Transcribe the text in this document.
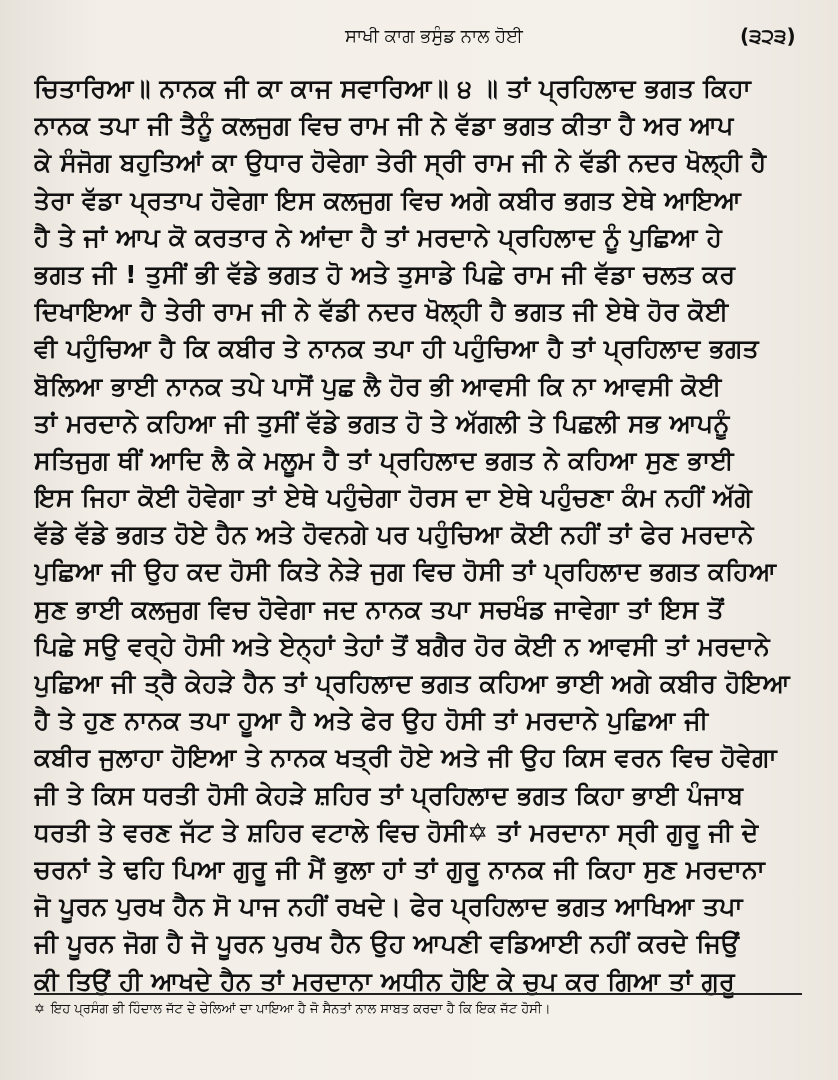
ਸਾਖੀ ਕਾਗ ਭਸੁੰਡ ਨਾਲ ਹੋਈ	(੩੨੩)
ਚਿਤਾਰਿਆ॥ ਨਾਨਕ ਜੀ ਕਾ ਕਾਜ ਸਵਾਰਿਆ॥ ੪ ॥ ਤਾਂ ਪ੍ਰਹਿਲਾਦ ਭਗਤ ਕਿਹਾ
ਨਾਨਕ ਤਪਾ ਜੀ ਤੈਨੂੰ ਕਲਜੁਗ ਵਿਚ ਰਾਮ ਜੀ ਨੇ ਵੱਡਾ ਭਗਤ ਕੀਤਾ ਹੈ ਅਰ ਆਪ
ਕੇ ਸੰਜੋਗ ਬਹੁਤਿਆਂ ਕਾ ਉਧਾਰ ਹੋਵੇਗਾ ਤੇਰੀ ਸ੍ਰੀ ਰਾਮ ਜੀ ਨੇ ਵੱਡੀ ਨਦਰ ਖੋਲ੍ਹੀ ਹੈ
ਤੇਰਾ ਵੱਡਾ ਪ੍ਰਤਾਪ ਹੋਵੇਗਾ ਇਸ ਕਲਜੁਗ ਵਿਚ ਅਗੇ ਕਬੀਰ ਭਗਤ ਏਥੇ ਆਇਆ
ਹੈ ਤੇ ਜਾਂ ਆਪ ਕੋ ਕਰਤਾਰ ਨੇ ਆਂਦਾ ਹੈ ਤਾਂ ਮਰਦਾਨੇ ਪ੍ਰਹਿਲਾਦ ਨੂੰ ਪੁਛਿਆ ਹੇ
ਭਗਤ ਜੀ ! ਤੁਸੀਂ ਭੀ ਵੱਡੇ ਭਗਤ ਹੋ ਅਤੇ ਤੁਸਾਡੇ ਪਿਛੇ ਰਾਮ ਜੀ ਵੱਡਾ ਚਲਤ ਕਰ
ਦਿਖਾਇਆ ਹੈ ਤੇਰੀ ਰਾਮ ਜੀ ਨੇ ਵੱਡੀ ਨਦਰ ਖੋਲ੍ਹੀ ਹੈ ਭਗਤ ਜੀ ਏਥੇ ਹੋਰ ਕੋਈ
ਵੀ ਪਹੁੰਚਿਆ ਹੈ ਕਿ ਕਬੀਰ ਤੇ ਨਾਨਕ ਤਪਾ ਹੀ ਪਹੁੰਚਿਆ ਹੈ ਤਾਂ ਪ੍ਰਹਿਲਾਦ ਭਗਤ
ਬੋਲਿਆ ਭਾਈ ਨਾਨਕ ਤਪੇ ਪਾਸੋਂ ਪੁਛ ਲੈ ਹੋਰ ਭੀ ਆਵਸੀ ਕਿ ਨਾ ਆਵਸੀ ਕੋਈ
ਤਾਂ ਮਰਦਾਨੇ ਕਹਿਆ ਜੀ ਤੁਸੀਂ ਵੱਡੇ ਭਗਤ ਹੋ ਤੇ ਅੱਗਲੀ ਤੇ ਪਿਛਲੀ ਸਭ ਆਪਨੂੰ
ਸਤਿਜੁਗ ਥੀਂ ਆਦਿ ਲੈ ਕੇ ਮਲੂਮ ਹੈ ਤਾਂ ਪ੍ਰਹਿਲਾਦ ਭਗਤ ਨੇ ਕਹਿਆ ਸੁਣ ਭਾਈ
ਇਸ ਜਿਹਾ ਕੋਈ ਹੋਵੇਗਾ ਤਾਂ ਏਥੇ ਪਹੁੰਚੇਗਾ ਹੋਰਸ ਦਾ ਏਥੇ ਪਹੁੰਚਣਾ ਕੰਮ ਨਹੀਂ ਅੱਗੇ
ਵੱਡੇ ਵੱਡੇ ਭਗਤ ਹੋਏ ਹੈਨ ਅਤੇ ਹੋਵਨਗੇ ਪਰ ਪਹੁੰਚਿਆ ਕੋਈ ਨਹੀਂ ਤਾਂ ਫੇਰ ਮਰਦਾਨੇ
ਪੁਛਿਆ ਜੀ ਉਹ ਕਦ ਹੋਸੀ ਕਿਤੇ ਨੇੜੇ ਜੁਗ ਵਿਚ ਹੋਸੀ ਤਾਂ ਪ੍ਰਹਿਲਾਦ ਭਗਤ ਕਹਿਆ
ਸੁਣ ਭਾਈ ਕਲਜੁਗ ਵਿਚ ਹੋਵੇਗਾ ਜਦ ਨਾਨਕ ਤਪਾ ਸਚਖੰਡ ਜਾਵੇਗਾ ਤਾਂ ਇਸ ਤੋਂ
ਪਿਛੇ ਸਉ ਵਰ੍ਹੇ ਹੋਸੀ ਅਤੇ ਏਨ੍ਹਾਂ ਤੇਹਾਂ ਤੋਂ ਬਗੈਰ ਹੋਰ ਕੋਈ ਨ ਆਵਸੀ ਤਾਂ ਮਰਦਾਨੇ
ਪੁਛਿਆ ਜੀ ਤ੍ਰੈ ਕੇਹੜੇ ਹੈਨ ਤਾਂ ਪ੍ਰਹਿਲਾਦ ਭਗਤ ਕਹਿਆ ਭਾਈ ਅਗੇ ਕਬੀਰ ਹੋਇਆ
ਹੈ ਤੇ ਹੁਣ ਨਾਨਕ ਤਪਾ ਹੂਆ ਹੈ ਅਤੇ ਫੇਰ ਉਹ ਹੋਸੀ ਤਾਂ ਮਰਦਾਨੇ ਪੁਛਿਆ ਜੀ
ਕਬੀਰ ਜੁਲਾਹਾ ਹੋਇਆ ਤੇ ਨਾਨਕ ਖਤ੍ਰੀ ਹੋਏ ਅਤੇ ਜੀ ਉਹ ਕਿਸ ਵਰਨ ਵਿਚ ਹੋਵੇਗਾ
ਜੀ ਤੇ ਕਿਸ ਧਰਤੀ ਹੋਸੀ ਕੇਹੜੇ ਸ਼ਹਿਰ ਤਾਂ ਪ੍ਰਹਿਲਾਦ ਭਗਤ ਕਿਹਾ ਭਾਈ ਪੰਜਾਬ
ਧਰਤੀ ਤੇ ਵਰਣ ਜੱਟ ਤੇ ਸ਼ਹਿਰ ਵਟਾਲੇ ਵਿਚ ਹੋਸੀ✡ ਤਾਂ ਮਰਦਾਨਾ ਸ੍ਰੀ ਗੁਰੂ ਜੀ ਦੇ
ਚਰਨਾਂ ਤੇ ਢਹਿ ਪਿਆ ਗੁਰੂ ਜੀ ਮੈਂ ਭੁਲਾ ਹਾਂ ਤਾਂ ਗੁਰੂ ਨਾਨਕ ਜੀ ਕਿਹਾ ਸੁਣ ਮਰਦਾਨਾ
ਜੋ ਪੂਰਨ ਪੁਰਖ ਹੈਨ ਸੋ ਪਾਜ ਨਹੀਂ ਰਖਦੇ। ਫੇਰ ਪ੍ਰਹਿਲਾਦ ਭਗਤ ਆਖਿਆ ਤਪਾ
ਜੀ ਪੂਰਨ ਜੋਗ ਹੈ ਜੋ ਪੂਰਨ ਪੁਰਖ ਹੈਨ ਉਹ ਆਪਣੀ ਵਡਿਆਈ ਨਹੀਂ ਕਰਦੇ ਜਿਉਂ
ਕੀ ਤਿਉਂ ਹੀ ਆਖਦੇ ਹੈਨ ਤਾਂ ਮਰਦਾਨਾ ਅਧੀਨ ਹੋਇ ਕੇ ਚੁਪ ਕਰ ਗਿਆ ਤਾਂ ਗੁਰੂ
✡ ਇਹ ਪ੍ਰਸੰਗ ਭੀ ਹਿੰਦਾਲ ਜੱਟ ਦੇ ਚੇਲਿਆਂ ਦਾ ਪਾਇਆ ਹੈ ਜੋ ਸੈਨਤਾਂ ਨਾਲ ਸਾਬਤ ਕਰਦਾ ਹੈ ਕਿ ਇਕ ਜੱਟ ਹੋਸੀ।
